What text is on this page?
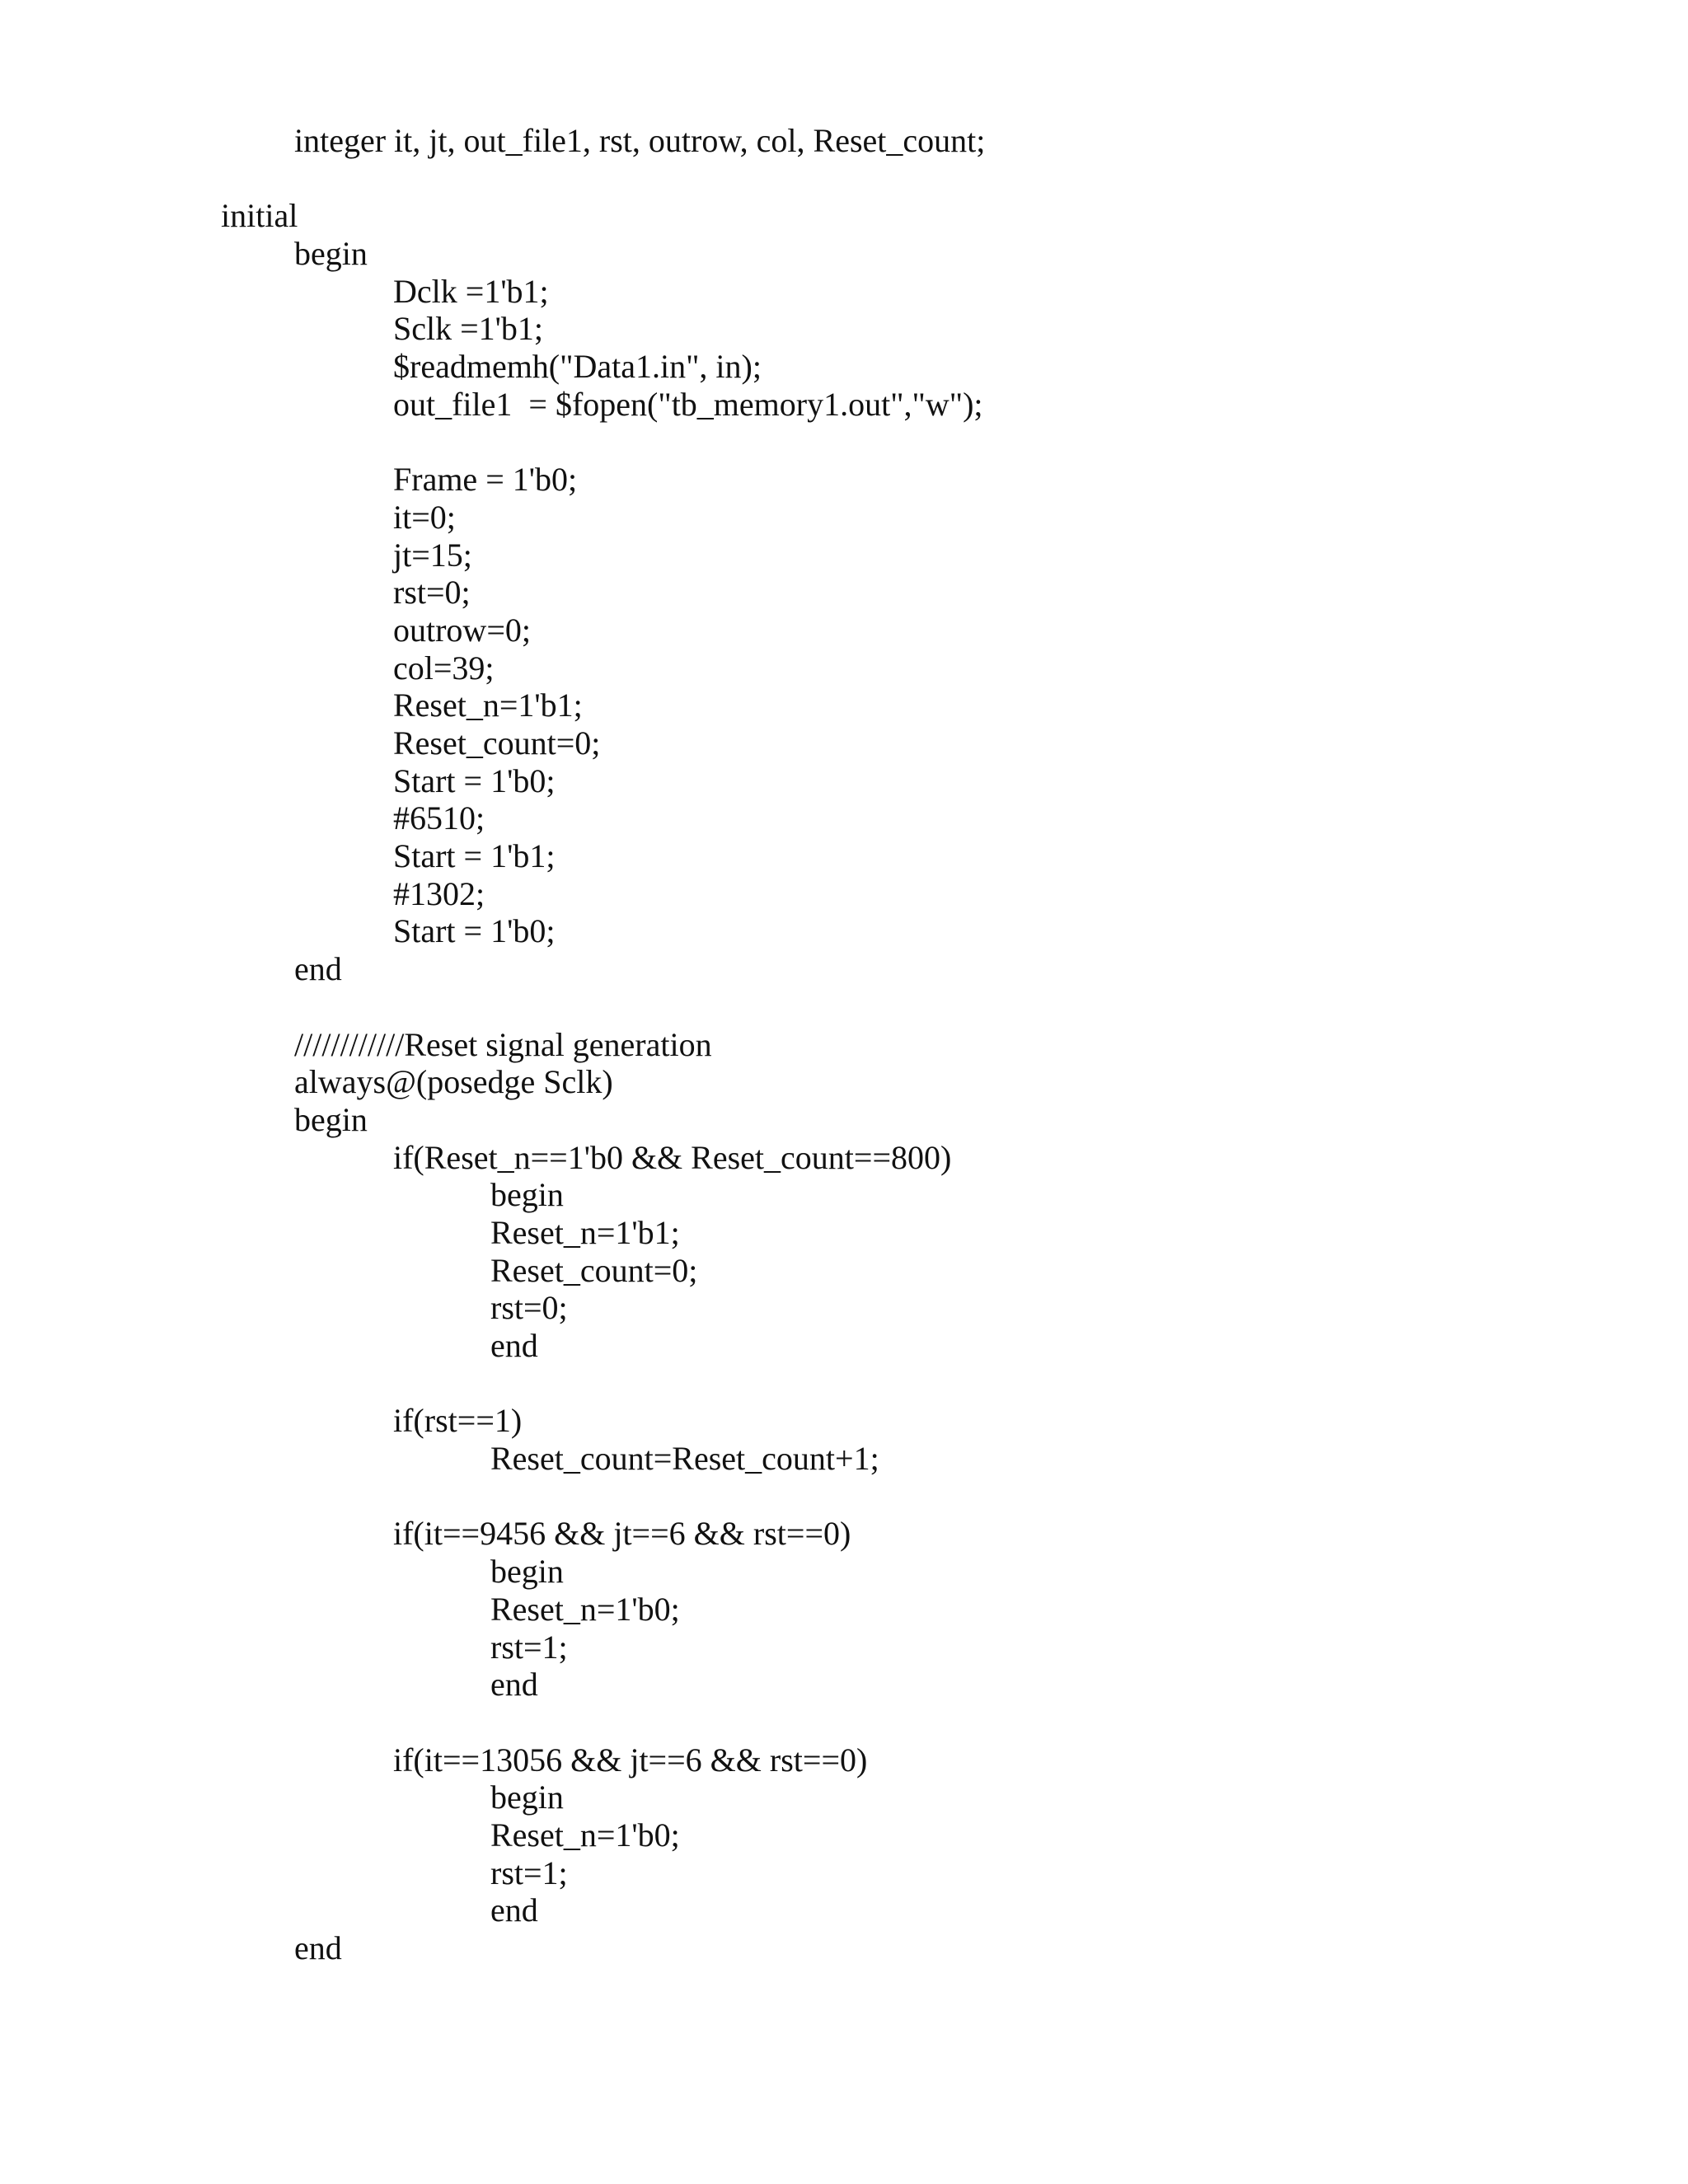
integer it, jt, out_file1, rst, outrow, col, Reset_count;
initial
begin
Dclk =1'b1;
Sclk =1'b1;
$readmemh("Data1.in", in);
out_file1  = $fopen("tb_memory1.out","w");
Frame = 1'b0;
it=0;
jt=15;
rst=0;
outrow=0;
col=39;
Reset_n=1'b1;
Reset_count=0;
Start = 1'b0;
#6510;
Start = 1'b1;
#1302;
Start = 1'b0;
end
////////////Reset signal generation
always@(posedge Sclk)
begin
if(Reset_n==1'b0 && Reset_count==800)
begin
Reset_n=1'b1;
Reset_count=0;
rst=0;
end
if(rst==1)
Reset_count=Reset_count+1;
if(it==9456 && jt==6 && rst==0)
begin
Reset_n=1'b0;
rst=1;
end
if(it==13056 && jt==6 && rst==0)
begin
Reset_n=1'b0;
rst=1;
end
end
